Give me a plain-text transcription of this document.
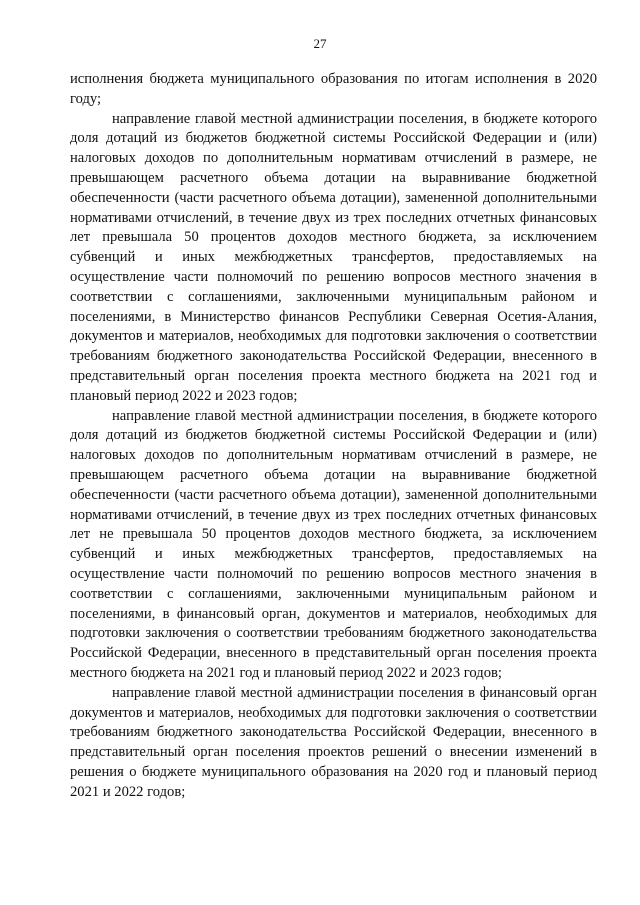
27

исполнения бюджета муниципального образования по итогам исполнения в 2020 году;

направление главой местной администрации поселения, в бюджете которого доля дотаций из бюджетов бюджетной системы Российской Федерации и (или) налоговых доходов по дополнительным нормативам отчислений в размере, не превышающем расчетного объема дотации на выравнивание бюджетной обеспеченности (части расчетного объема дотации), замененной дополнительными нормативами отчислений, в течение двух из трех последних отчетных финансовых лет превышала 50 процентов доходов местного бюджета, за исключением субвенций и иных межбюджетных трансфертов, предоставляемых на осуществление части полномочий по решению вопросов местного значения в соответствии с соглашениями, заключенными муниципальным районом и поселениями, в Министерство финансов Республики Северная Осетия-Алания, документов и материалов, необходимых для подготовки заключения о соответствии требованиям бюджетного законодательства Российской Федерации, внесенного в представительный орган поселения проекта местного бюджета на 2021 год и плановый период 2022 и 2023 годов;

направление главой местной администрации поселения, в бюджете которого доля дотаций из бюджетов бюджетной системы Российской Федерации и (или) налоговых доходов по дополнительным нормативам отчислений в размере, не превышающем расчетного объема дотации на выравнивание бюджетной обеспеченности (части расчетного объема дотации), замененной дополнительными нормативами отчислений, в течение двух из трех последних отчетных финансовых лет не превышала 50 процентов доходов местного бюджета, за исключением субвенций и иных межбюджетных трансфертов, предоставляемых на осуществление части полномочий по решению вопросов местного значения в соответствии с соглашениями, заключенными муниципальным районом и поселениями, в финансовый орган, документов и материалов, необходимых для подготовки заключения о соответствии требованиям бюджетного законодательства Российской Федерации, внесенного в представительный орган поселения проекта местного бюджета на 2021 год и плановый период 2022 и 2023 годов;

направление главой местной администрации поселения в финансовый орган документов и материалов, необходимых для подготовки заключения о соответствии требованиям бюджетного законодательства Российской Федерации, внесенного в представительный орган поселения проектов решений о внесении изменений в решения о бюджете муниципального образования на 2020 год и плановый период 2021 и 2022 годов;
